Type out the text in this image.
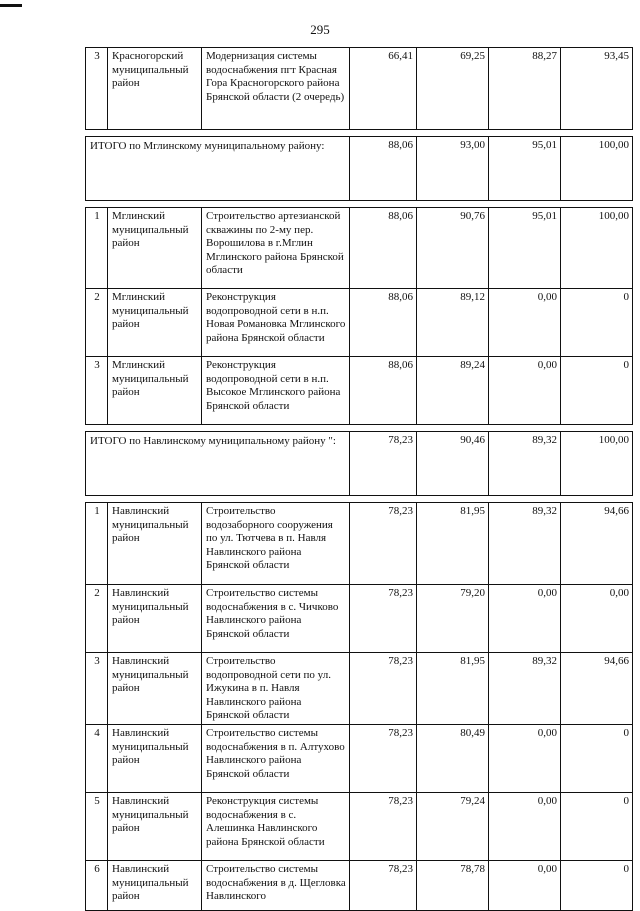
295
3	Красногорский муниципальный район	Модернизация системы водоснабжения пгт Красная Гора Красногорского района Брянской области (2 очередь)	66,41	69,25	88,27	93,45

ИТОГО по Мглинскому муниципальному району:			88,06	93,00	95,01	100,00

1	Мглинский муниципальный район	Строительство артезианской скважины по 2-му пер. Ворошилова в г.Мглин Мглинского района Брянской области	88,06	90,76	95,01	100,00
2	Мглинский муниципальный район	Реконструкция водопроводной сети в н.п. Новая Романовка Мглинского района Брянской области	88,06	89,12	0,00	0
3	Мглинский муниципальный район	Реконструкция водопроводной сети в н.п. Высокое Мглинского района Брянской области	88,06	89,24	0,00	0

ИТОГО по Навлинскому муниципальному району ":			78,23	90,46	89,32	100,00

1	Навлинский муниципальный район	Строительство водозаборного сооружения по ул. Тютчева в п. Навля Навлинского района Брянской области	78,23	81,95	89,32	94,66
2	Навлинский муниципальный район	Строительство системы водоснабжения в с. Чичково Навлинского района Брянской области	78,23	79,20	0,00	0,00
3	Навлинский муниципальный район	Строительство водопроводной сети по ул. Ижукина в п. Навля Навлинского района Брянской области	78,23	81,95	89,32	94,66
4	Навлинский муниципальный район	Строительство системы водоснабжения в п. Алтухово Навлинского района Брянской области	78,23	80,49	0,00	0
5	Навлинский муниципальный район	Реконструкция системы водоснабжения в с. Алешинка Навлинского района Брянской области	78,23	79,24	0,00	0
6	Навлинский муниципальный район	Строительство системы водоснабжения в д. Щегловка Навлинского	78,23	78,78	0,00	0
